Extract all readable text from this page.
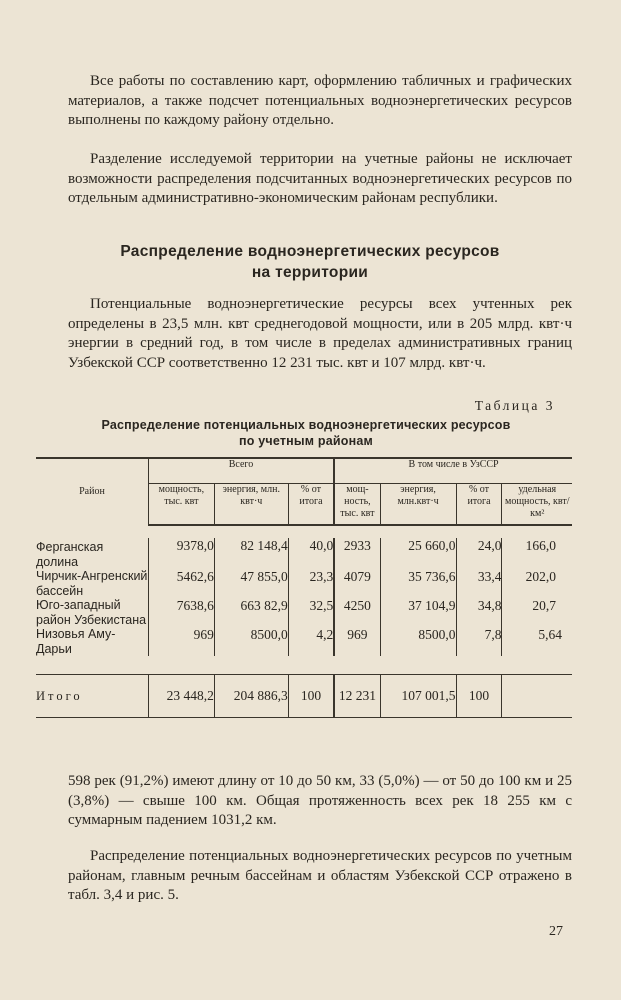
Все работы по составлению карт, оформлению табличных и графических материалов, а также подсчет потенциальных водноэнергетических ресурсов выполнены по каждому району отдельно.
Разделение исследуемой территории на учетные районы не исключает возможности распределения подсчитанных водноэнергетических ресурсов по отдельным административно-экономическим районам республики.
Распределение водноэнергетических ресурсов
на территории
Потенциальные водноэнергетические ресурсы всех учтенных рек определены в 23,5 млн. квт среднегодовой мощности, или в 205 млрд. квт·ч энергии в средний год, в том числе в пределах административных границ Узбекской ССР соответственно 12 231 тыс. квт и 107 млрд. квт·ч.
Таблица 3
Распределение потенциальных водноэнергетических ресурсов
по учетным районам
Район	Всего			В том числе в УзССР			
	мощность, тыс. квт	энергия, млн. квт·ч	% от итога	мощ-ность, тыс. квт	энергия, млн.квт·ч	% от итога	удельная мощность, квт/км²

Ферганская долина	9378,0	82 148,4	40,0	2933	25 660,0	24,0	166,0
Чирчик-Ангренский бассейн	5462,6	47 855,0	23,3	4079	35 736,6	33,4	202,0
Юго-западный район Узбекистана	7638,6	663 82,9	32,5	4250	37 104,9	34,8	20,7
Низовья Аму-Дарьи	969	8500,0	4,2	969	8500,0	7,8	5,64

Итого	23 448,2	204 886,3	100	12 231	107 001,5	100	
598 рек (91,2%) имеют длину от 10 до 50 км, 33 (5,0%) — от 50 до 100 км и 25 (3,8%) — свыше 100 км. Общая протяженность всех рек 18 255 км с суммарным падением 1031,2 км.
Распределение потенциальных водноэнергетических ресурсов по учетным районам, главным речным бассейнам и областям Узбекской ССР отражено в табл. 3,4 и рис. 5.
27
